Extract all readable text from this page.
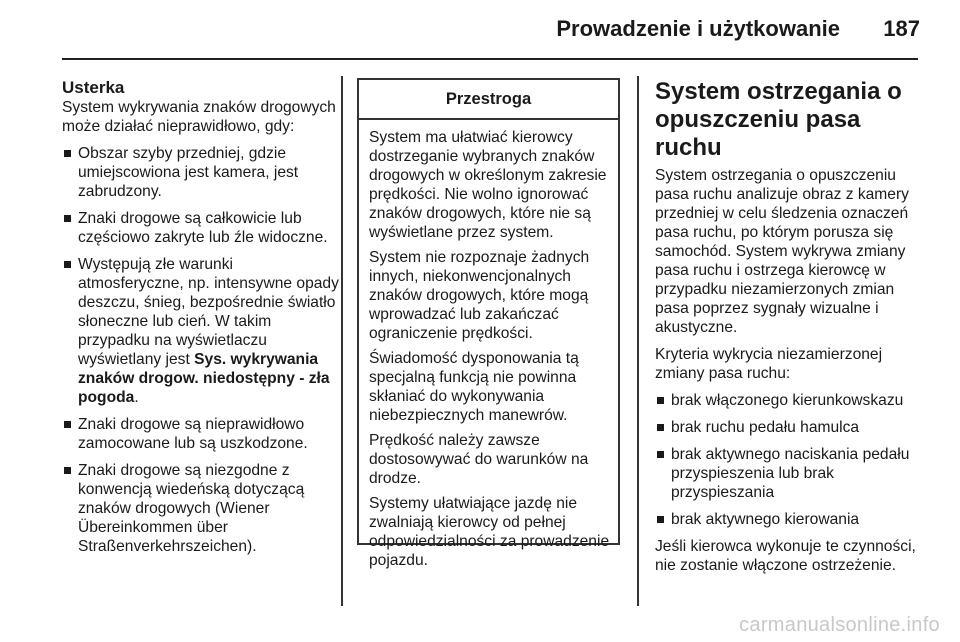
Prowadzenie i użytkowanie 187
Usterka

System wykrywania znaków drogowych może działać nieprawidłowo, gdy:

Obszar szyby przedniej, gdzie umiejscowiona jest kamera, jest zabrudzony.
Znaki drogowe są całkowicie lub częściowo zakryte lub źle widoczne.
Występują złe warunki atmosferyczne, np. intensywne opady deszczu, śnieg, bezpośrednie światło słoneczne lub cień. W takim przypadku na wyświetlaczu wyświetlany jest Sys. wykrywania znaków drogow. niedostępny - zła pogoda.
Znaki drogowe są nieprawidłowo zamocowane lub są uszkodzone.
Znaki drogowe są niezgodne z konwencją wiedeńską dotyczącą znaków drogowych (Wiener Übereinkommen über Straßenverkehrszeichen).
Przestroga

System ma ułatwiać kierowcy dostrzeganie wybranych znaków drogowych w określonym zakresie prędkości. Nie wolno ignorować znaków drogowych, które nie są wyświetlane przez system.

System nie rozpoznaje żadnych innych, niekonwencjonalnych znaków drogowych, które mogą wprowadzać lub zakańczać ograniczenie prędkości.

Świadomość dysponowania tą specjalną funkcją nie powinna skłaniać do wykonywania niebezpiecznych manewrów.

Prędkość należy zawsze dostosowywać do warunków na drodze.

Systemy ułatwiające jazdę nie zwalniają kierowcy od pełnej odpowiedzialności za prowadzenie pojazdu.

System ostrzegania o opuszczeniu pasa ruchu

System ostrzegania o opuszczeniu pasa ruchu analizuje obraz z kamery przedniej w celu śledzenia oznaczeń pasa ruchu, po którym porusza się samochód. System wykrywa zmiany pasa ruchu i ostrzega kierowcę w przypadku niezamierzonych zmian pasa poprzez sygnały wizualne i akustyczne.

Kryteria wykrycia niezamierzonej zmiany pasa ruchu:

brak włączonego kierunkowskazu
brak ruchu pedału hamulca
brak aktywnego naciskania pedału przyspieszenia lub brak przyspieszania
brak aktywnego kierowania

Jeśli kierowca wykonuje te czynności, nie zostanie włączone ostrzeżenie.

carmanualsonline.info
